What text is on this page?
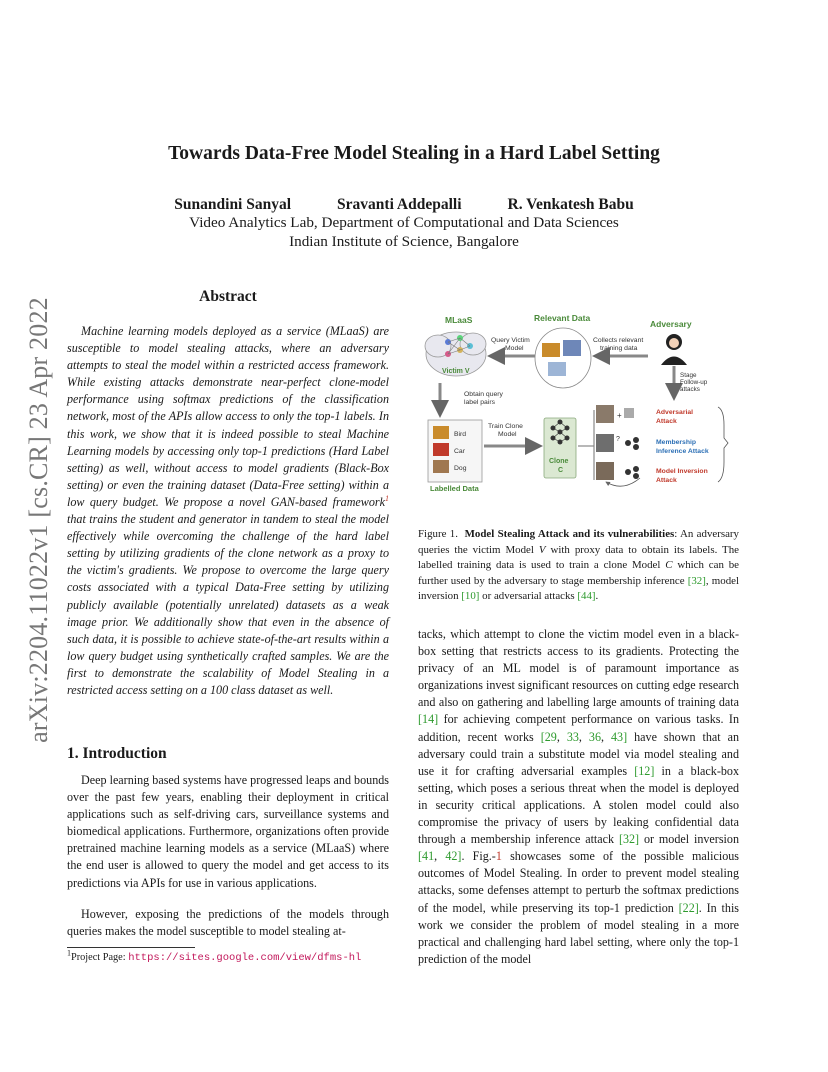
arXiv:2204.11022v1 [cs.CR] 23 Apr 2022
Towards Data-Free Model Stealing in a Hard Label Setting
Sunandini Sanyal	Sravanti Addepalli	R. Venkatesh Babu
Video Analytics Lab, Department of Computational and Data Sciences
Indian Institute of Science, Bangalore
Abstract

Machine learning models deployed as a service (MLaaS) are susceptible to model stealing attacks, where an adversary attempts to steal the model within a restricted access framework. While existing attacks demonstrate near-perfect clone-model performance using softmax predictions of the classification network, most of the APIs allow access to only the top-1 labels. In this work, we show that it is indeed possible to steal Machine Learning models by accessing only top-1 predictions (Hard Label setting) as well, without access to model gradients (Black-Box setting) or even the training dataset (Data-Free setting) within a low query budget. We propose a novel GAN-based framework$^1$ that trains the student and generator in tandem to steal the model effectively while overcoming the challenge of the hard label setting by utilizing gradients of the clone network as a proxy to the victim's gradients. We propose to overcome the large query costs associated with a typical Data-Free setting by utilizing publicly available (potentially unrelated) datasets as a weak image prior. We additionally show that even in the absence of such data, it is possible to achieve state-of-the-art results within a low query budget using synthetically crafted samples. We are the first to demonstrate the scalability of Model Stealing in a restricted access setting on a 100 class dataset as well.

1. Introduction

Deep learning based systems have progressed leaps and bounds over the past few years, enabling their deployment in critical applications such as self-driving cars, surveillance systems and biomedical applications. Furthermore, organizations often provide pretrained machine learning models as a service (MLaaS) where the end user is allowed to query the model and get access to its predictions via APIs for use in various applications.

However, exposing the predictions of the models through queries makes the model susceptible to model stealing at-

$^1$Project Page: https://sites.google.com/view/dfms-hl
MLaaS	Relevant Data
Adversary
Victim V
Query Victim
Model
Collects relevant
training data
Obtain query
label pairs
Stage
Follow-up
attacks
Bird
Car
Dog
Labelled Data
Train Clone
Model
Clone
C
+	Adversarial
Attack
?	Membership
Inference Attack
Model Inversion
Attack

Figure 1. Model Stealing Attack and its vulnerabilities: An adversary queries the victim Model V with proxy data to obtain its labels. The labelled training data is used to train a clone Model C which can be further used by the adversary to stage membership inference [32], model inversion [10] or adversarial attacks [44].

tacks, which attempt to clone the victim model even in a black-box setting that restricts access to its gradients. Protecting the privacy of an ML model is of paramount importance as organizations invest significant resources on cutting edge research and also on gathering and labelling large amounts of training data [14] for achieving competent performance on various tasks. In addition, recent works [29, 33, 36, 43] have shown that an adversary could train a substitute model via model stealing and use it for crafting adversarial examples [12] in a black-box setting, which poses a serious threat when the model is deployed in security critical applications. A stolen model could also compromise the privacy of users by leaking confidential data through a membership inference attack [32] or model inversion [41, 42]. Fig.-1 showcases some of the possible malicious outcomes of Model Stealing. In order to prevent model stealing attacks, some defenses attempt to perturb the softmax predictions of the model, while preserving its top-1 prediction [22]. In this work we consider the problem of model stealing in a more practical and challenging hard label setting, where only the top-1 prediction of the model
